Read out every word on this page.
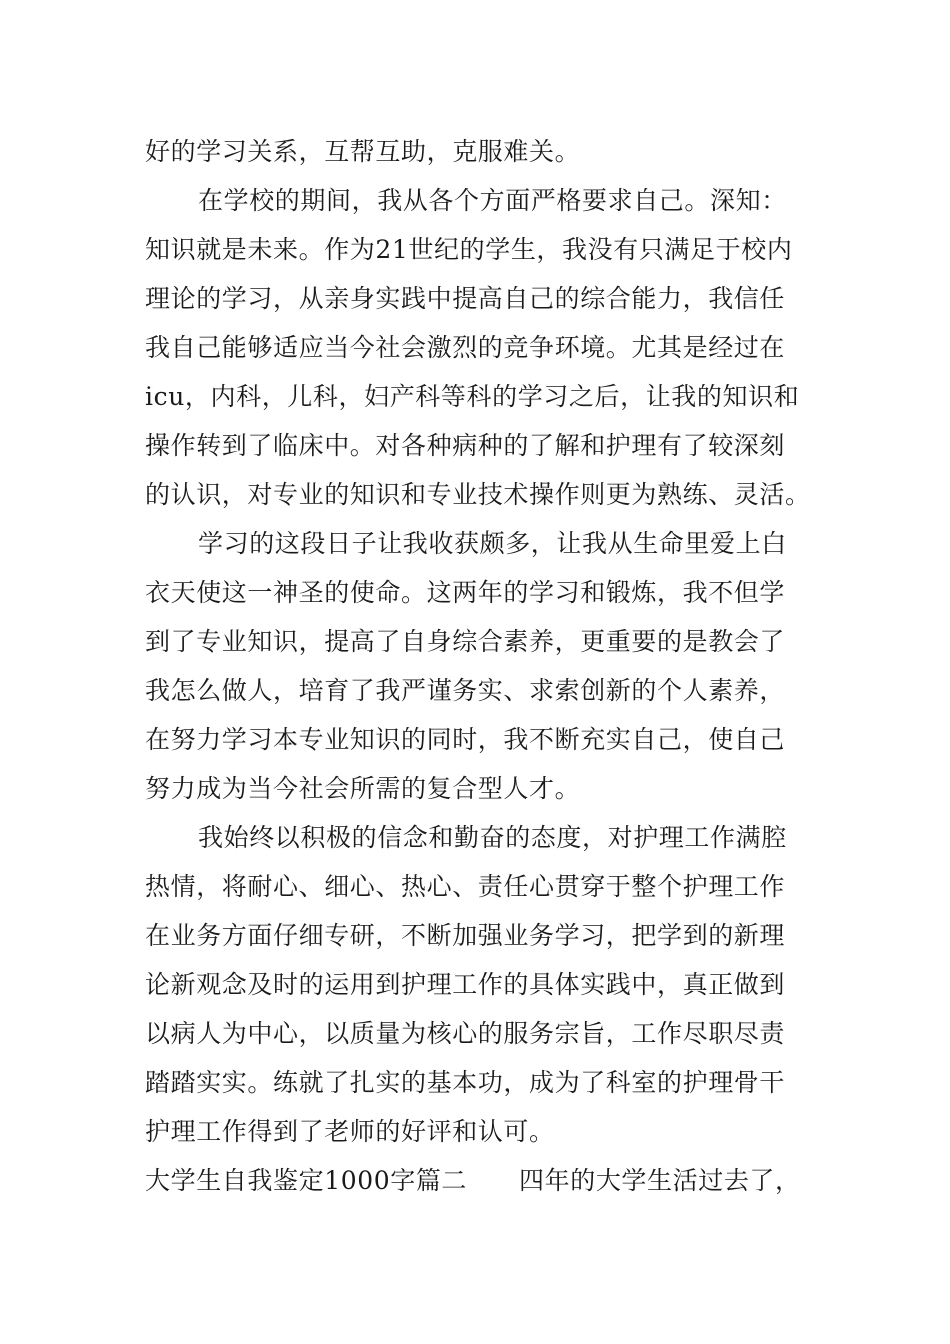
好的学习关系，互帮互助，克服难关。
在学校的期间，我从各个方面严格要求自己。深知：
知识就是未来。作为21世纪的学生，我没有只满足于校内
理论的学习，从亲身实践中提高自己的综合能力，我信任
我自己能够适应当今社会激烈的竞争环境。尤其是经过在
icu，内科，儿科，妇产科等科的学习之后，让我的知识和
操作转到了临床中。对各种病种的了解和护理有了较深刻
的认识，对专业的知识和专业技术操作则更为熟练、灵活。
学习的这段日子让我收获颇多，让我从生命里爱上白
衣天使这一神圣的使命。这两年的学习和锻炼，我不但学
到了专业知识，提高了自身综合素养，更重要的是教会了
我怎么做人，培育了我严谨务实、求索创新的个人素养，
在努力学习本专业知识的同时，我不断充实自己，使自己
努力成为当今社会所需的复合型人才。
我始终以积极的信念和勤奋的态度，对护理工作满腔
热情，将耐心、细心、热心、责任心贯穿于整个护理工作
在业务方面仔细专研，不断加强业务学习，把学到的新理
论新观念及时的运用到护理工作的具体实践中，真正做到
以病人为中心，以质量为核心的服务宗旨，工作尽职尽责
踏踏实实。练就了扎实的基本功，成为了科室的护理骨干
护理工作得到了老师的好评和认可。
大学生自我鉴定1000字篇二 四年的大学生活过去了，
